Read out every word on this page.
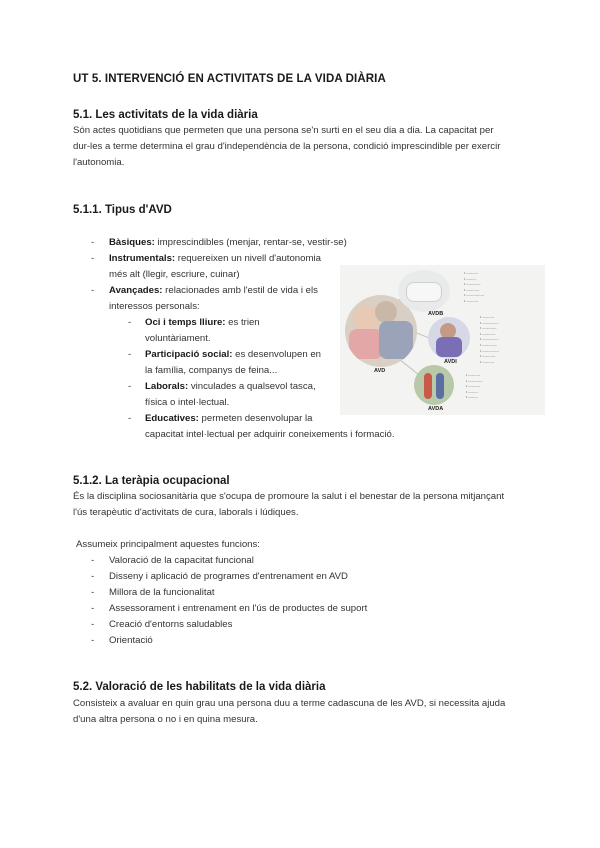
UT 5. INTERVENCIÓ EN ACTIVITATS DE LA VIDA DIÀRIA
5.1. Les activitats de la vida diària
Són actes quotidians que permeten que una persona se'n surti en el seu dia a dia. La capacitat per
dur-les a terme determina el grau d'independència de la persona, condició imprescindible per exercir
l'autonomia.
5.1.1. Tipus d'AVD
- Bàsiques: imprescindibles (menjar, rentar-se, vestir-se)
- Instrumentals: requereixen un nivell d'autonomia
més alt (llegir, escriure, cuinar)
- Avançades: relacionades amb l'estil de vida i els
interessos personals:
- Oci i temps lliure: es trien
voluntàriament.
- Participació social: es desenvolupen en
la família, companys de feina...
- Laborals: vinculades a qualsevol tasca,
física o intel·lectual.
- Educatives: permeten desenvolupar la
capacitat intel·lectual per adquirir coneixements i formació.
AVD
AVDB
AVDI
AVDA
• ----------
• --------
• ------------
• -----------
• ---------------
• ----------
• ----------
• --------------
• ------------
• -----------
• --------------
• ------------
• --------------
• -----------
• ----------
• ----------
• ------------
• ----------
• --------
• --------
5.1.2. La teràpia ocupacional
És la disciplina sociosanitària que s'ocupa de promoure la salut i el benestar de la persona mitjançant
l'ús terapèutic d'activitats de cura, laborals i lúdiques.
Assumeix principalment aquestes funcions:
- Valoració de la capacitat funcional
- Disseny i aplicació de programes d'entrenament en AVD
- Millora de la funcionalitat
- Assessorament i entrenament en l'ús de productes de suport
- Creació d'entorns saludables
- Orientació
5.2. Valoració de les habilitats de la vida diària
Consisteix a avaluar en quin grau una persona duu a terme cadascuna de les AVD, si necessita ajuda
d'una altra persona o no i en quina mesura.
